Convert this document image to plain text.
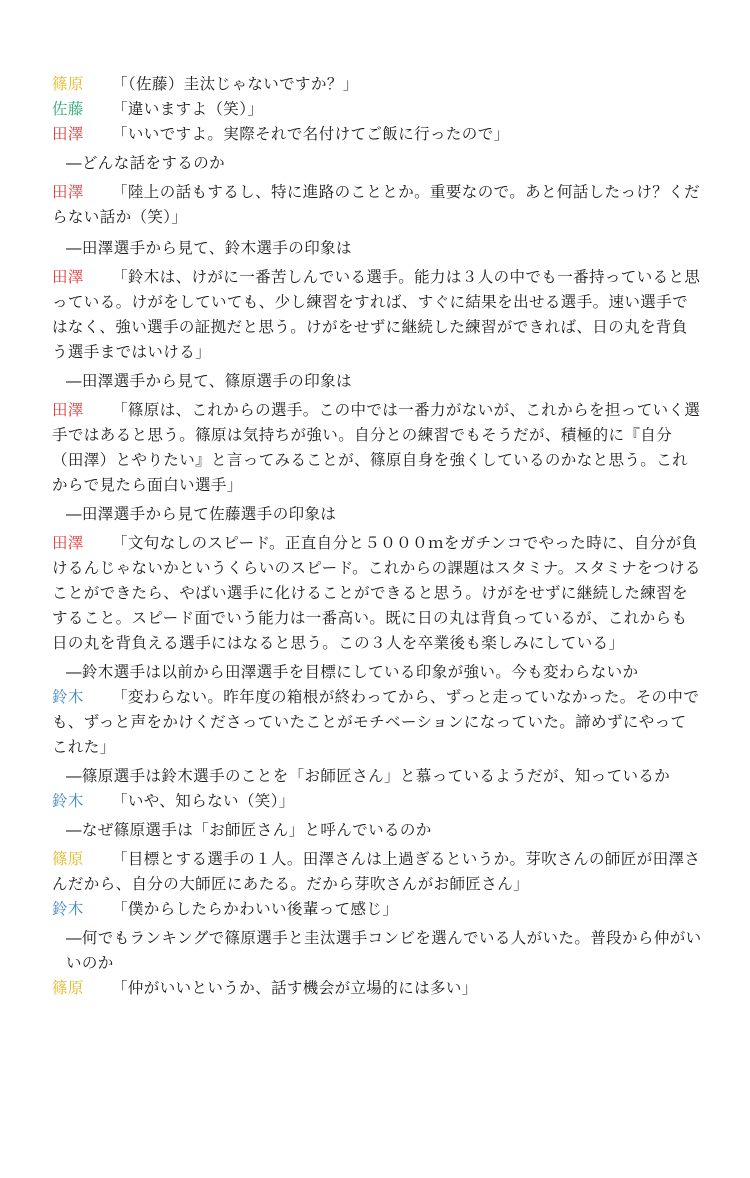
篠原 「（佐藤）圭汰じゃないですか？」
佐藤 「違いますよ（笑）」
田澤 「いいですよ。実際それで名付けてご飯に行ったので」
―どんな話をするのか
田澤 「陸上の話もするし、特に進路のこととか。重要なので。あと何話したっけ？くだらない話か（笑）」
―田澤選手から見て、鈴木選手の印象は
田澤 「鈴木は、けがに一番苦しんでいる選手。能力は３人の中でも一番持っていると思っている。けがをしていても、少し練習をすれば、すぐに結果を出せる選手。速い選手ではなく、強い選手の証拠だと思う。けがをせずに継続した練習ができれば、日の丸を背負う選手まではいける」
―田澤選手から見て、篠原選手の印象は
田澤 「篠原は、これからの選手。この中では一番力がないが、これからを担っていく選手ではあると思う。篠原は気持ちが強い。自分との練習でもそうだが、積極的に『自分（田澤）とやりたい』と言ってみることが、篠原自身を強くしているのかなと思う。これからで見たら面白い選手」
―田澤選手から見て佐藤選手の印象は
田澤 「文句なしのスピード。正直自分と５０００ｍをガチンコでやった時に、自分が負けるんじゃないかというくらいのスピード。これからの課題はスタミナ。スタミナをつけることができたら、やばい選手に化けることができると思う。けがをせずに継続した練習をすること。スピード面でいう能力は一番高い。既に日の丸は背負っているが、これからも日の丸を背負える選手にはなると思う。この３人を卒業後も楽しみにしている」
―鈴木選手は以前から田澤選手を目標にしている印象が強い。今も変わらないか
鈴木 「変わらない。昨年度の箱根が終わってから、ずっと走っていなかった。その中でも、ずっと声をかけくださっていたことがモチベーションになっていた。諦めずにやってこれた」
―篠原選手は鈴木選手のことを「お師匠さん」と慕っているようだが、知っているか
鈴木 「いや、知らない（笑）」
―なぜ篠原選手は「お師匠さん」と呼んでいるのか
篠原 「目標とする選手の１人。田澤さんは上過ぎるというか。芽吹さんの師匠が田澤さんだから、自分の大師匠にあたる。だから芽吹さんがお師匠さん」
鈴木 「僕からしたらかわいい後輩って感じ」
―何でもランキングで篠原選手と圭汰選手コンビを選んでいる人がいた。普段から仲がいいのか
篠原 「仲がいいというか、話す機会が立場的には多い」
